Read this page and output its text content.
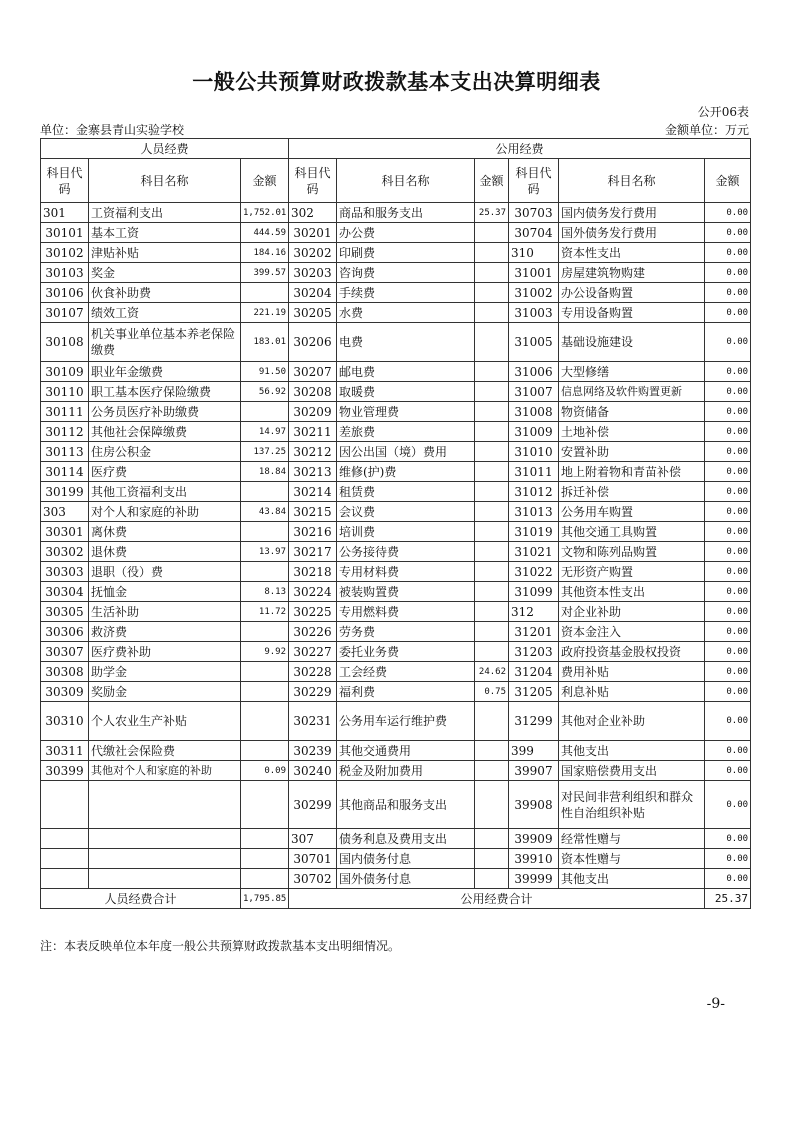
一般公共预算财政拨款基本支出决算明细表
公开06表
单位：金寨县青山实验学校	金额单位：万元
人员经费			公用经费					
科目代码	科目名称	金额	科目代码	科目名称	金额	科目代码	科目名称	金额
301	工资福利支出	1,752.01	302	商品和服务支出	25.37	30703	国内债务发行费用	0.00
30101	基本工资	444.59	30201	办公费		30704	国外债务发行费用	0.00
30102	津贴补贴	184.16	30202	印刷费		310	资本性支出	0.00
30103	奖金	399.57	30203	咨询费		31001	房屋建筑物购建	0.00
30106	伙食补助费		30204	手续费		31002	办公设备购置	0.00
30107	绩效工资	221.19	30205	水费		31003	专用设备购置	0.00
30108	机关事业单位基本养老保险缴费	183.01	30206	电费		31005	基础设施建设	0.00
30109	职业年金缴费	91.50	30207	邮电费		31006	大型修缮	0.00
30110	职工基本医疗保险缴费	56.92	30208	取暖费		31007	信息网络及软件购置更新	0.00
30111	公务员医疗补助缴费		30209	物业管理费		31008	物资储备	0.00
30112	其他社会保障缴费	14.97	30211	差旅费		31009	土地补偿	0.00
30113	住房公积金	137.25	30212	因公出国（境）费用		31010	安置补助	0.00
30114	医疗费	18.84	30213	维修(护)费		31011	地上附着物和青苗补偿	0.00
30199	其他工资福利支出		30214	租赁费		31012	拆迁补偿	0.00
303	对个人和家庭的补助	43.84	30215	会议费		31013	公务用车购置	0.00
30301	离休费		30216	培训费		31019	其他交通工具购置	0.00
30302	退休费	13.97	30217	公务接待费		31021	文物和陈列品购置	0.00
30303	退职（役）费		30218	专用材料费		31022	无形资产购置	0.00
30304	抚恤金	8.13	30224	被装购置费		31099	其他资本性支出	0.00
30305	生活补助	11.72	30225	专用燃料费		312	对企业补助	0.00
30306	救济费		30226	劳务费		31201	资本金注入	0.00
30307	医疗费补助	9.92	30227	委托业务费		31203	政府投资基金股权投资	0.00
30308	助学金		30228	工会经费	24.62	31204	费用补贴	0.00
30309	奖励金		30229	福利费	0.75	31205	利息补贴	0.00
30310	个人农业生产补贴		30231	公务用车运行维护费		31299	其他对企业补助	0.00
30311	代缴社会保险费		30239	其他交通费用		399	其他支出	0.00
30399	其他对个人和家庭的补助	0.09	30240	税金及附加费用		39907	国家赔偿费用支出	0.00
			30299	其他商品和服务支出		39908	对民间非营利组织和群众性自治组织补贴	0.00
			307	债务利息及费用支出		39909	经常性赠与	0.00
			30701	国内债务付息		39910	资本性赠与	0.00
			30702	国外债务付息		39999	其他支出	0.00
人员经费合计		1,795.85	公用经费合计					25.37
注：本表反映单位本年度一般公共预算财政拨款基本支出明细情况。
-9-
